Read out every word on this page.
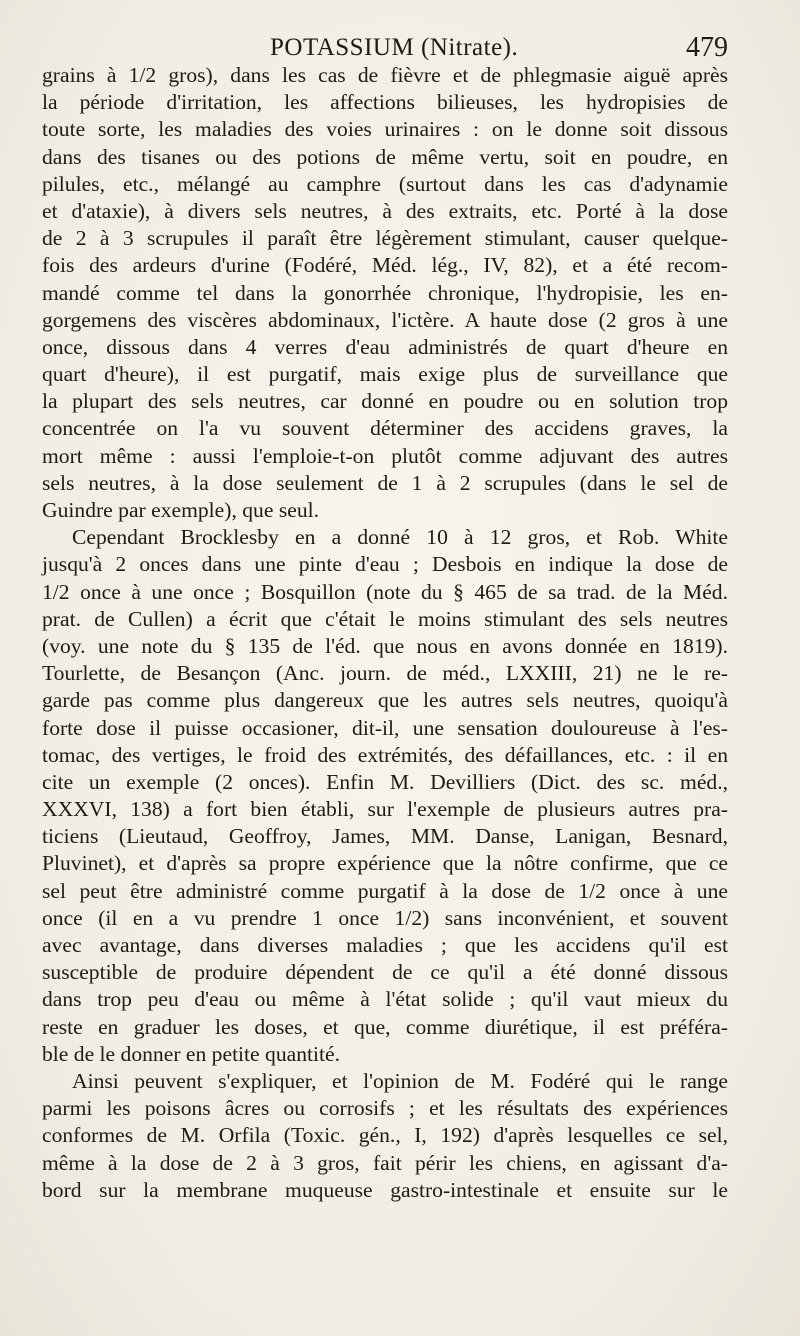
POTASSIUM (Nitrate).	479
grains à 1/2 gros), dans les cas de fièvre et de phlegmasie aiguë après
la période d'irritation, les affections bilieuses, les hydropisies de
toute sorte, les maladies des voies urinaires : on le donne soit dissous
dans des tisanes ou des potions de même vertu, soit en poudre, en
pilules, etc., mélangé au camphre (surtout dans les cas d'adynamie
et d'ataxie), à divers sels neutres, à des extraits, etc. Porté à la dose
de 2 à 3 scrupules il paraît être légèrement stimulant, causer quelque-
fois des ardeurs d'urine (Fodéré, Méd. lég., IV, 82), et a été recom-
mandé comme tel dans la gonorrhée chronique, l'hydropisie, les en-
gorgemens des viscères abdominaux, l'ictère. A haute dose (2 gros à une
once, dissous dans 4 verres d'eau administrés de quart d'heure en
quart d'heure), il est purgatif, mais exige plus de surveillance que
la plupart des sels neutres, car donné en poudre ou en solution trop
concentrée on l'a vu souvent déterminer des accidens graves, la
mort même : aussi l'emploie-t-on plutôt comme adjuvant des autres
sels neutres, à la dose seulement de 1 à 2 scrupules (dans le sel de
Guindre par exemple), que seul.
Cependant Brocklesby en a donné 10 à 12 gros, et Rob. White
jusqu'à 2 onces dans une pinte d'eau ; Desbois en indique la dose de
1/2 once à une once ; Bosquillon (note du § 465 de sa trad. de la Méd.
prat. de Cullen) a écrit que c'était le moins stimulant des sels neutres
(voy. une note du § 135 de l'éd. que nous en avons donnée en 1819).
Tourlette, de Besançon (Anc. journ. de méd., LXXIII, 21) ne le re-
garde pas comme plus dangereux que les autres sels neutres, quoiqu'à
forte dose il puisse occasioner, dit-il, une sensation douloureuse à l'es-
tomac, des vertiges, le froid des extrémités, des défaillances, etc. : il en
cite un exemple (2 onces). Enfin M. Devilliers (Dict. des sc. méd.,
XXXVI, 138) a fort bien établi, sur l'exemple de plusieurs autres pra-
ticiens (Lieutaud, Geoffroy, James, MM. Danse, Lanigan, Besnard,
Pluvinet), et d'après sa propre expérience que la nôtre confirme, que ce
sel peut être administré comme purgatif à la dose de 1/2 once à une
once (il en a vu prendre 1 once 1/2) sans inconvénient, et souvent
avec avantage, dans diverses maladies ; que les accidens qu'il est
susceptible de produire dépendent de ce qu'il a été donné dissous
dans trop peu d'eau ou même à l'état solide ; qu'il vaut mieux du
reste en graduer les doses, et que, comme diurétique, il est préféra-
ble de le donner en petite quantité.
Ainsi peuvent s'expliquer, et l'opinion de M. Fodéré qui le range
parmi les poisons âcres ou corrosifs ; et les résultats des expériences
conformes de M. Orfila (Toxic. gén., I, 192) d'après lesquelles ce sel,
même à la dose de 2 à 3 gros, fait périr les chiens, en agissant d'a-
bord sur la membrane muqueuse gastro-intestinale et ensuite sur le
